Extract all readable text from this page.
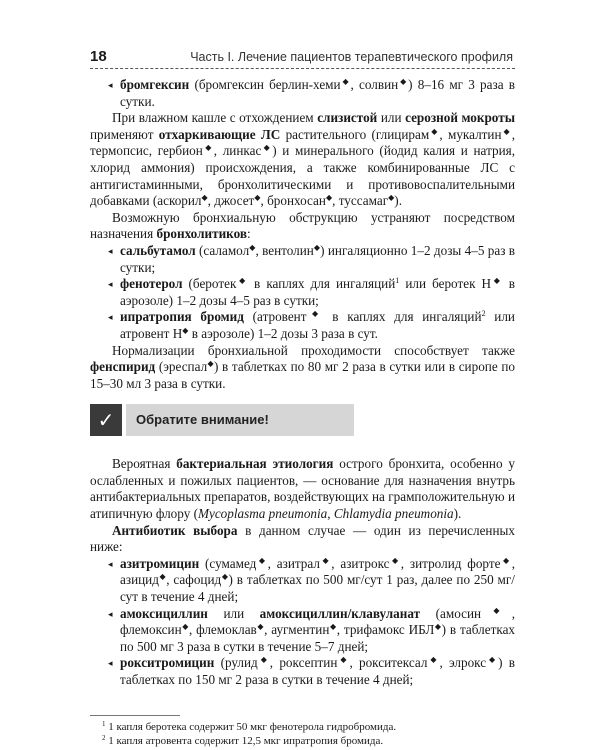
18	Часть I. Лечение пациентов терапевтического профиля

◂ бромгексин (бромгексин берлин-хеми◆, солвин◆) 8–16 мг 3 раза в сутки.

При влажном кашле с отхождением слизистой или серозной мокроты применяют отхаркивающие ЛС растительного (глицирам◆, мукалтин◆, термопсис, гербион◆, линкас◆) и минерального (йодид калия и натрия, хлорид аммония) происхождения, а также комбинированные ЛС с антигистаминными, бронхолитическими и противовоспалительными добавками (аскорил◆, джосет◆, бронхосан◆, туссамаг◆).

Возможную бронхиальную обструкцию устраняют посредством назначения бронхолитиков:

◂ сальбутамол (саламол◆, вентолин◆) ингаляционно 1–2 дозы 4–5 раз в сутки;

◂ фенотерол (беротек◆ в каплях для ингаляций$^1$ или беротек Н◆ в аэрозоле) 1–2 дозы 4–5 раз в сутки;

◂ ипратропия бромид (атровент◆ в каплях для ингаляций$^2$ или атровент Н◆ в аэрозоле) 1–2 дозы 3 раза в сут.

Нормализации бронхиальной проходимости способствует также фенспирид (эреспал◆) в таблетках по 80 мг 2 раза в сутки или в сиропе по 15–30 мл 3 раза в сутки.

✓	Обратите внимание!

Вероятная бактериальная этиология острого бронхита, особенно у ослабленных и пожилых пациентов, — основание для назначения внутрь антибактериальных препаратов, воздействующих на грамположительную и атипичную флору (Mycoplasma pneumonia, Chlamydia pneumonia).

Антибиотик выбора в данном случае — один из перечисленных ниже:

◂ азитромицин (сумамед◆, азитрал◆, азитрокс◆, зитролид форте◆, азицид◆, сафоцид◆) в таблетках по 500 мг/сут 1 раз, далее по 250 мг/сут в течение 4 дней;

◂ амоксициллин или амоксициллин/клавуланат (амосин◆, флемоксин◆, флемоклав◆, аугментин◆, трифамокс ИБЛ◆) в таблетках по 500 мг 3 раза в сутки в течение 5–7 дней;

◂ рокситромицин (рулид◆, роксептин◆, рокситексал◆, элрокс◆) в таблетках по 150 мг 2 раза в сутки в течение 4 дней;

$^1$ 1 капля беротека содержит 50 мкг фенотерола гидробромида.

$^2$ 1 капля атровента содержит 12,5 мкг ипратропия бромида.
